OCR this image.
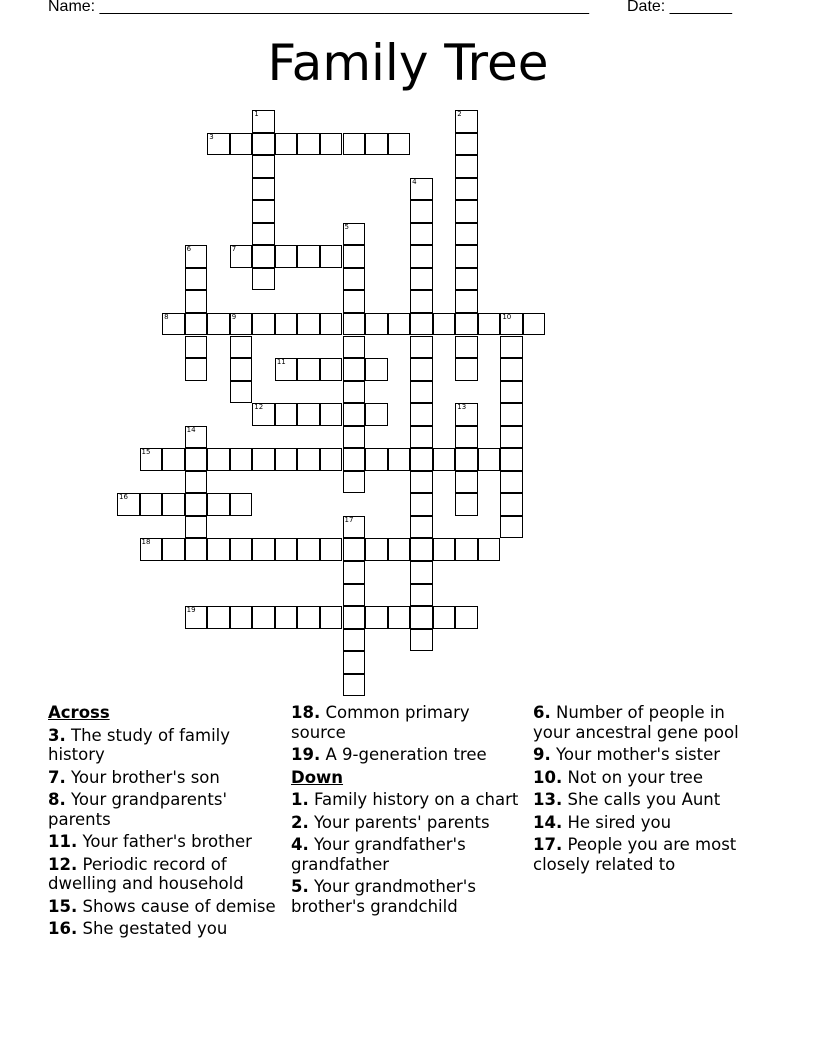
Name: _______________________________________________________ Date: _______
Family Tree
1	2
3
4
5
6	7
8	9	10
11
12	13
14
15
16
17
18
19
Across
3. The study of family history
7. Your brother's son
8. Your grandparents' parents
11. Your father's brother
12. Periodic record of dwelling and household
15. Shows cause of demise
16. She gestated you
18. Common primary source
19. A 9-generation tree
Down
1. Family history on a chart
2. Your parents' parents
4. Your grandfather's grandfather
5. Your grandmother's brother's grandchild
6. Number of people in your ancestral gene pool
9. Your mother's sister
10. Not on your tree
13. She calls you Aunt
14. He sired you
17. People you are most closely related to
